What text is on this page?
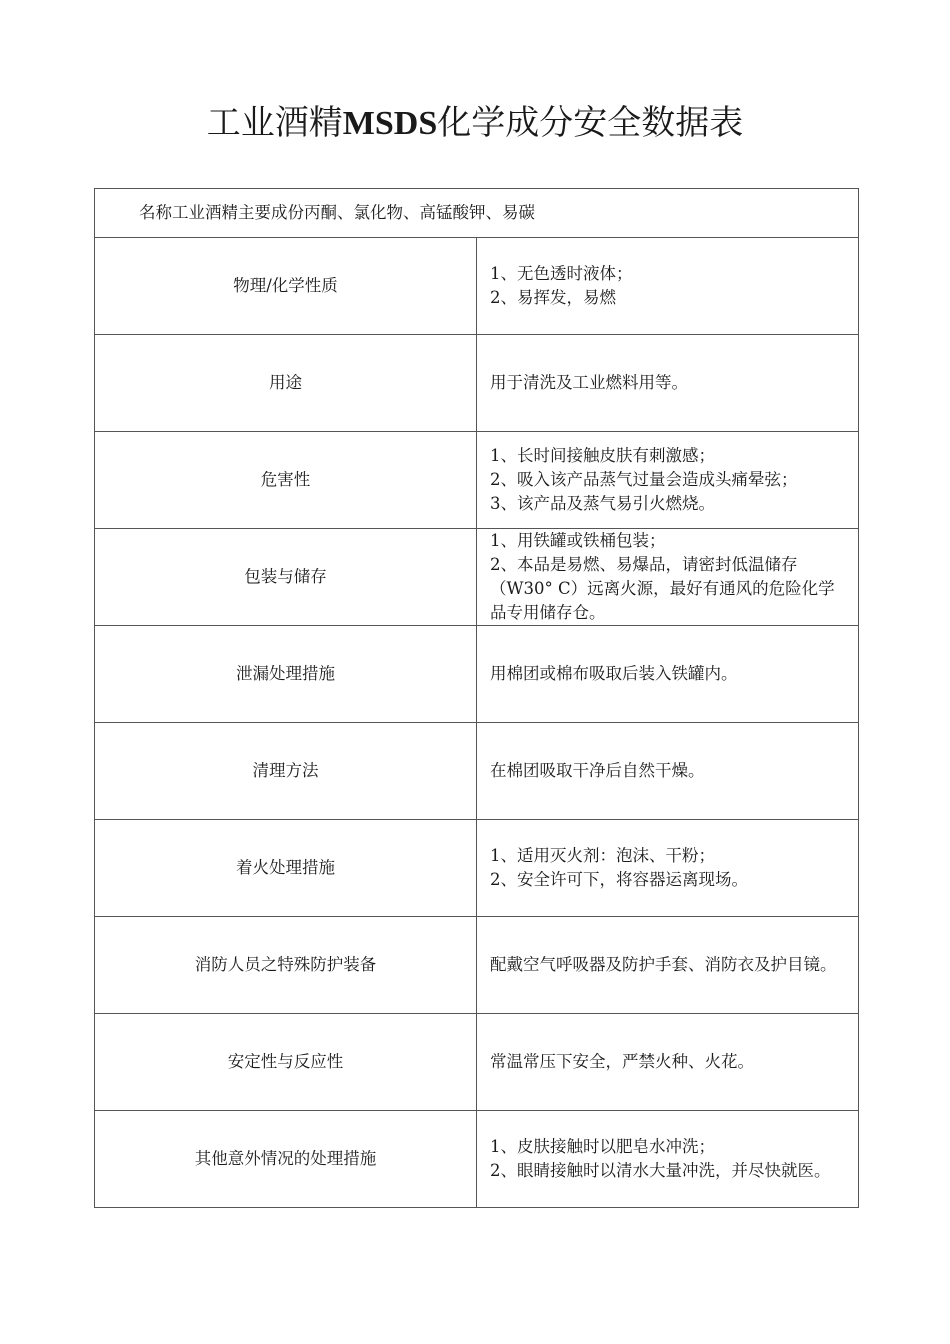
工业酒精MSDS化学成分安全数据表
名称工业酒精主要成份丙酮、氯化物、高锰酸钾、易碳	
物理/化学性质	1、无色透时液体；
2、易挥发，易燃

用途	用于清洗及工业燃料用等。

危害性	1、长时间接触皮肤有刺激感；
2、吸入该产品蒸气过量会造成头痛晕弦；
3、该产品及蒸气易引火燃烧。

包装与储存	1、用铁罐或铁桶包装；
2、本品是易燃、易爆品，请密封低温储存（W30° C）远离火源，最好有通风的危险化学品专用储存仓。

泄漏处理措施	用棉团或棉布吸取后装入铁罐内。

清理方法	在棉团吸取干净后自然干燥。

着火处理措施	1、适用灭火剂：泡沫、干粉；
2、安全许可下，将容器运离现场。

消防人员之特殊防护装备	配戴空气呼吸器及防护手套、消防衣及护目镜。

安定性与反应性	常温常压下安全，严禁火种、火花。

其他意外情况的处理措施	1、皮肤接触时以肥皂水冲洗；
2、眼睛接触时以清水大量冲洗，并尽快就医。
